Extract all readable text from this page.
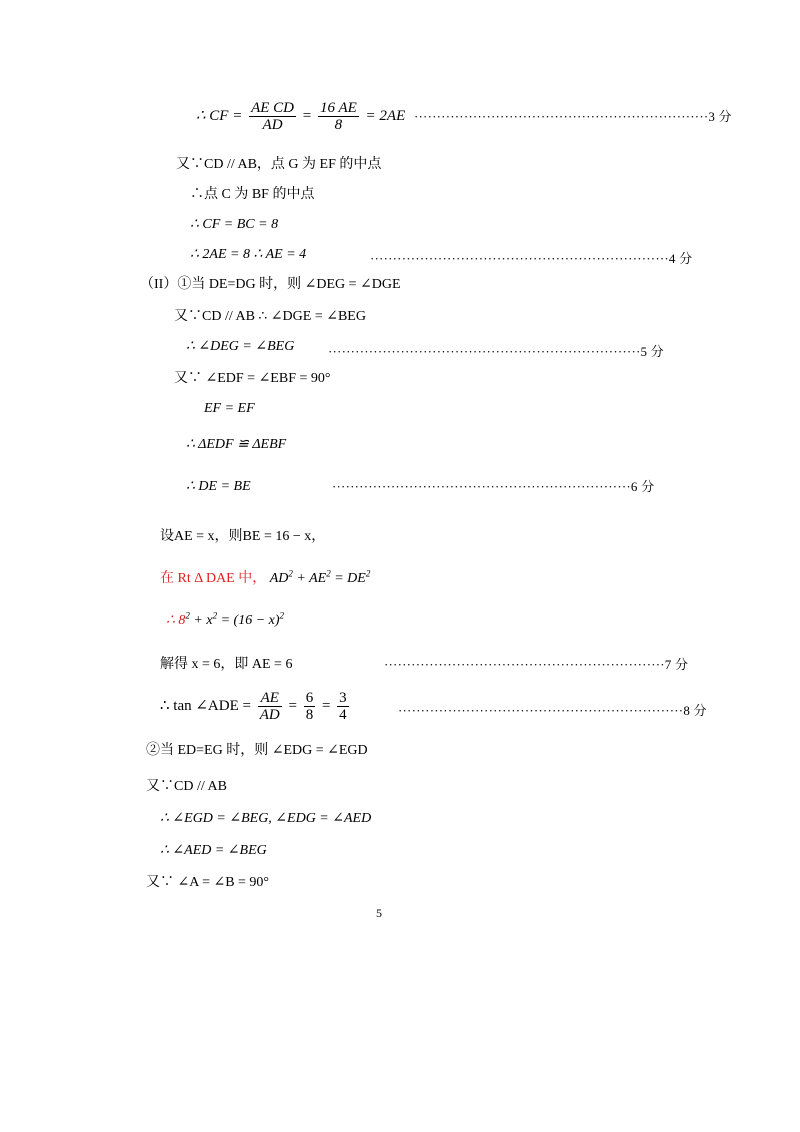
∴ CF = $\frac{\text{AE CD}}{AD} = \frac{16 AE}{8} = 2AE \cdot\cdot\cdot\cdot\cdot\cdot\cdot\cdot\cdot\cdot\cdot\cdot\cdot\cdot\cdot\cdot\cdot\cdot\cdot\cdot\cdot\cdot\cdot\cdot\cdot\cdot\cdot\cdot\cdot\cdot\cdot\cdot\cdot\cdot\cdot\cdot\cdot\cdot\cdot\cdot\cdot\cdot\cdot\cdot\cdot\cdot\cdot\cdot\cdot\cdot\cdot\cdot\cdot\cdot\cdot\cdot\cdot\cdot\cdot\cdot\cdot\cdot\cdot\cdot\cdot 3$ 分
又∵CD // AB，点 G 为 EF 的中点
∴点 C 为 BF 的中点
∴ CF = BC = 8
∴ 2AE = 8 ∴ AE = 4	··································································4 分
（II）①当 DE=DG 时，则 ∠DEG = ∠DGE
又∵CD // AB ∴ ∠DGE = ∠BEG
∴ ∠DEG = ∠BEG	·····································································5 分
又∵ ∠EDF = ∠EBF = 90°
EF = EF
∴ ΔEDF ≌ ΔEBF
∴ DE = BE	··································································6 分
设AE = x，则BE = 16 − x，
在 Rt Δ DAE 中， $AD^2 + AE^2 = DE^2$
∴ $8^2 + x^2 = (16 - x)^2$
解得 x = 6，即 AE = 6	······························································7 分
∴ tan ∠ADE = $\frac{AE}{AD} = \frac{6}{8} = \frac{3}{4}$	·······························································8 分
②当 ED=EG 时，则 ∠EDG = ∠EGD
又∵CD // AB
∴ ∠EGD = ∠BEG, ∠EDG = ∠AED
∴ ∠AED = ∠BEG
又∵ ∠A = ∠B = 90°
5
